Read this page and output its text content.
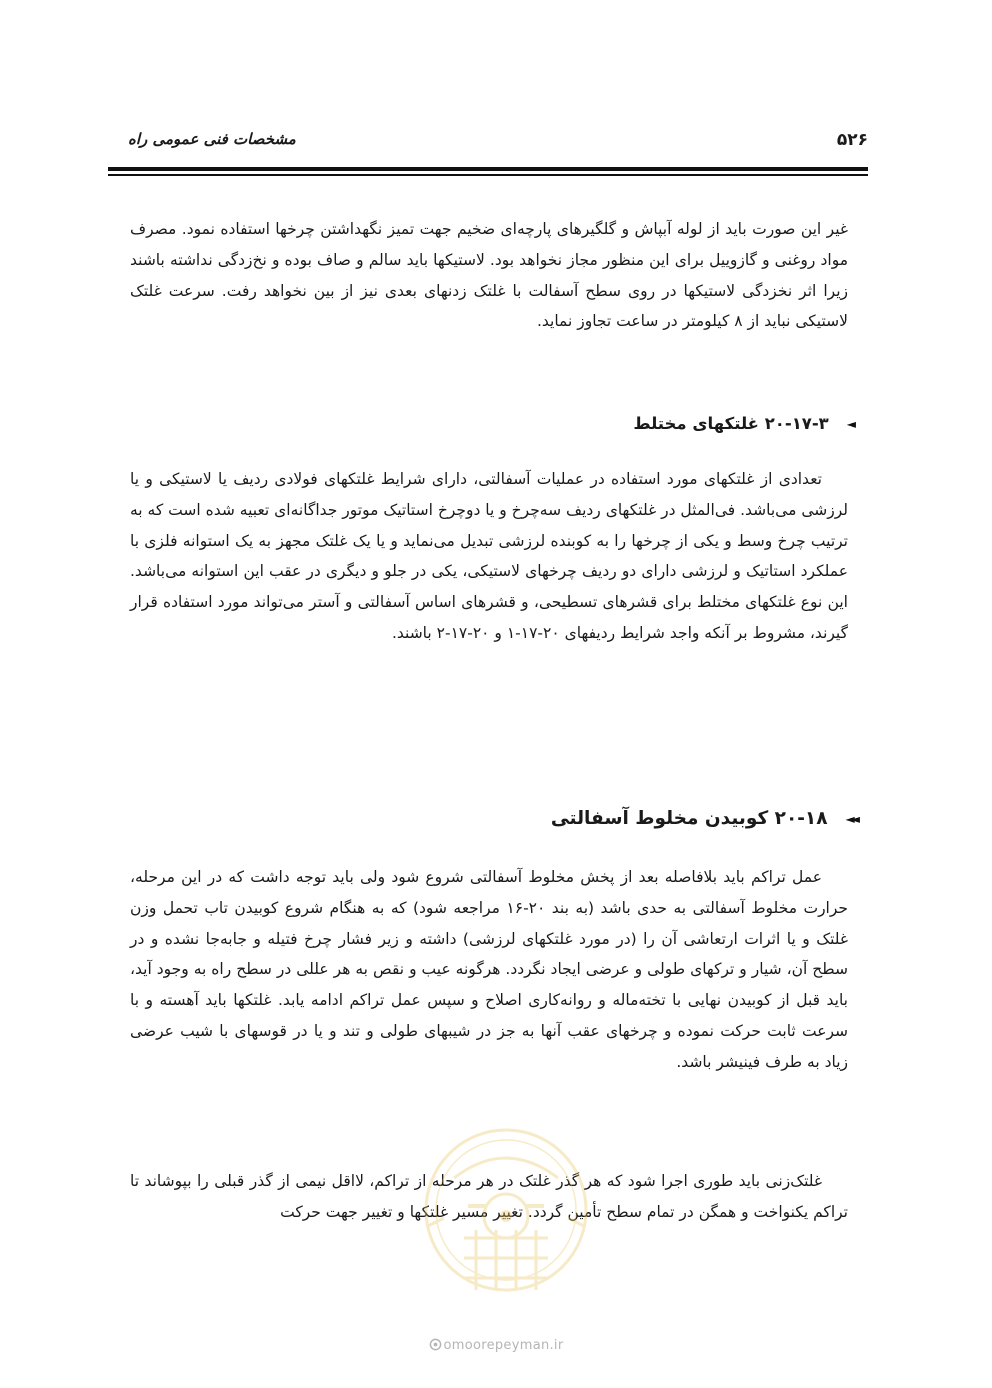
۵۲۶
مشخصات فنی عمومی راه

غیر این صورت باید از لوله آبپاش و گلگیرهای پارچه‌ای ضخیم جهت تمیز نگهداشتن چرخها استفاده نمود. مصرف مواد روغنی و گازوییل برای این منظور مجاز نخواهد بود. لاستیکها باید سالم و صاف بوده و نخ‌زدگی نداشته باشند زیرا اثر نخزدگی لاستیکها در روی سطح آسفالت با غلتک زدنهای بعدی نیز از بین نخواهد رفت. سرعت غلتک لاستیکی نباید از ۸ کیلومتر در ساعت تجاوز نماید.

◄
۲۰-۱۷-۳ غلتکهای مختلط

تعدادی از غلتکهای مورد استفاده در عملیات آسفالتی، دارای شرایط غلتکهای فولادی ردیف یا لاستیکی و یا لرزشی می‌باشد. فی‌المثل در غلتکهای ردیف سه‌چرخ و یا دوچرخ استاتیک موتور جداگانه‌ای تعبیه شده است که به ترتیب چرخ وسط و یکی از چرخها را به کوبنده لرزشی تبدیل می‌نماید و یا یک غلتک مجهز به یک استوانه فلزی با عملکرد استاتیک و لرزشی دارای دو ردیف چرخهای لاستیکی، یکی در جلو و دیگری در عقب این استوانه می‌باشد. این نوع غلتکهای مختلط برای قشرهای تسطیحی، و قشرهای اساس آسفالتی و آستر می‌تواند مورد استفاده قرار گیرند، مشروط بر آنکه واجد شرایط ردیفهای ۲۰-۱۷-۱ و ۲۰-۱۷-۲ باشند.

◄◄
۲۰-۱۸ کوبیدن مخلوط آسفالتی

عمل تراکم باید بلافاصله بعد از پخش مخلوط آسفالتی شروع شود ولی باید توجه داشت که در این مرحله، حرارت مخلوط آسفالتی به حدی باشد (به بند ۲۰-۱۶ مراجعه شود) که به هنگام شروع کوبیدن تاب تحمل وزن غلتک و یا اثرات ارتعاشی آن را (در مورد غلتکهای لرزشی) داشته و زیر فشار چرخ فتیله و جابه‌جا نشده و در سطح آن، شیار و ترکهای طولی و عرضی ایجاد نگردد. هرگونه عیب و نقص به هر عللی در سطح راه به وجود آید، باید قبل از کوبیدن نهایی با تخته‌ماله و روانه‌کاری اصلاح و سپس عمل تراکم ادامه یابد. غلتکها باید آهسته و با سرعت ثابت حرکت نموده و چرخهای عقب آنها به جز در شیبهای طولی و تند و یا در قوسهای با شیب عرضی زیاد به طرف فینیشر باشد.

غلتک‌زنی باید طوری اجرا شود که هر گذر غلتک در هر مرحله از تراکم، لااقل نیمی از گذر قبلی را بپوشاند تا تراکم یکنواخت و همگن در تمام سطح تأمین گردد. تغییر مسیر غلتکها و تغییر جهت حرکت

omoorepeyman.ir
